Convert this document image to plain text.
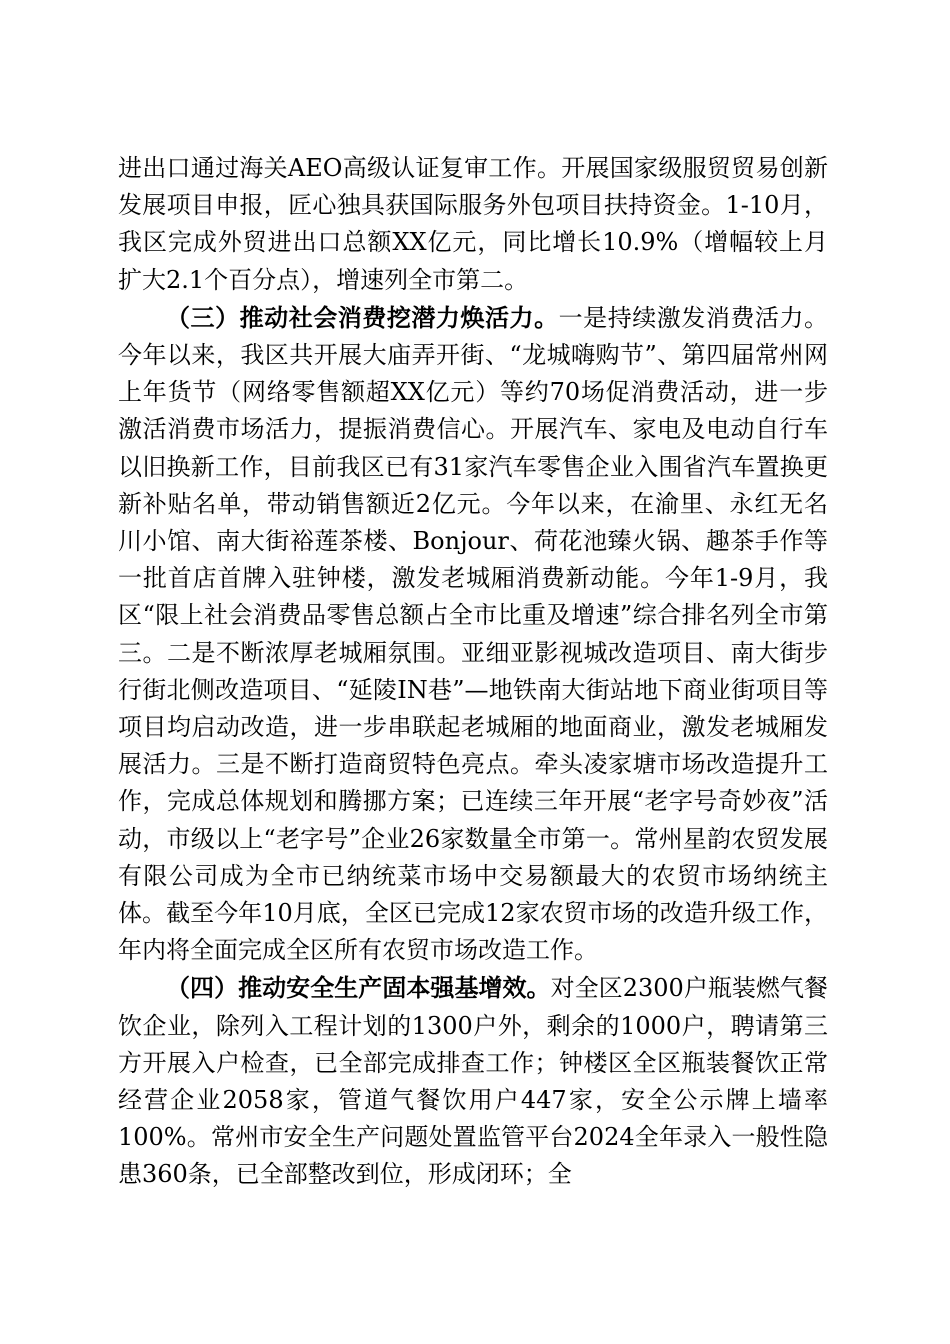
进出口通过海关AEO高级认证复审工作。开展国家级服贸贸易创新发展项目申报，匠心独具获国际服务外包项目扶持资金。1-10月，我区完成外贸进出口总额XX亿元，同比增长10.9%（增幅较上月扩大2.1个百分点），增速列全市第二。

（三）推动社会消费挖潜力焕活力。一是持续激发消费活力。今年以来，我区共开展大庙弄开街、“龙城嗨购节”、第四届常州网上年货节（网络零售额超XX亿元）等约70场促消费活动，进一步激活消费市场活力，提振消费信心。开展汽车、家电及电动自行车以旧换新工作，目前我区已有31家汽车零售企业入围省汽车置换更新补贴名单，带动销售额近2亿元。今年以来，在渝里、永红无名川小馆、南大街裕莲茶楼、Bonjour、荷花池臻火锅、趣茶手作等一批首店首牌入驻钟楼，激发老城厢消费新动能。今年1-9月，我区“限上社会消费品零售总额占全市比重及增速”综合排名列全市第三。二是不断浓厚老城厢氛围。亚细亚影视城改造项目、南大街步行街北侧改造项目、“延陵IN巷”—地铁南大街站地下商业街项目等项目均启动改造，进一步串联起老城厢的地面商业，激发老城厢发展活力。三是不断打造商贸特色亮点。牵头凌家塘市场改造提升工作，完成总体规划和腾挪方案；已连续三年开展“老字号奇妙夜”活动，市级以上“老字号”企业26家数量全市第一。常州星韵农贸发展有限公司成为全市已纳统菜市场中交易额最大的农贸市场纳统主体。截至今年10月底，全区已完成12家农贸市场的改造升级工作，年内将全面完成全区所有农贸市场改造工作。

（四）推动安全生产固本强基增效。对全区2300户瓶装燃气餐饮企业，除列入工程计划的1300户外，剩余的1000户，聘请第三方开展入户检查，已全部完成排查工作；钟楼区全区瓶装餐饮正常经营企业2058家，管道气餐饮用户447家，安全公示牌上墙率100%。常州市安全生产问题处置监管平台2024全年录入一般性隐患360条，已全部整改到位，形成闭环；全
